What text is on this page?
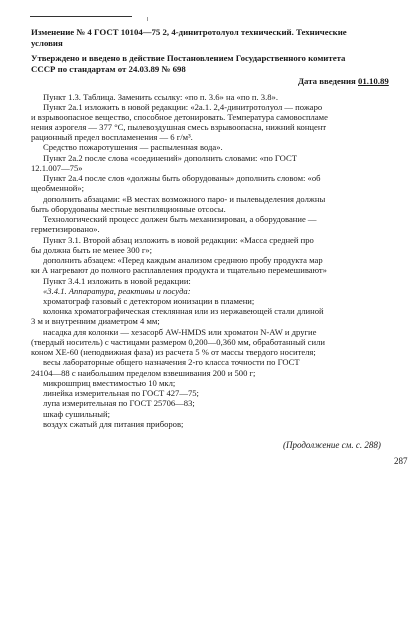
Изменение № 4 ГОСТ 10104—75 2, 4-динитротолуол технический. Технические
условия
Утверждено и введено в действие Постановлением Государственного комитета
СССР по стандартам от 24.03.89 № 698
Дата введения 01.10.89
Пункт 1.3. Таблица. Заменить ссылку: «по п. 3.6» на «по п. 3.8».
Пункт 2а.1 изложить в новой редакции: «2а.1. 2,4-динитротолуол — пожаро
и взрывоопасное вещество, способное детонировать. Температура самовоспламе
нения аэрогеля — 377 °С, пылевоздушная смесь взрывоопасна, нижний концент
рационный предел воспламенения — 6 г/м³.
Средство пожаротушения — распыленная вода».
Пункт 2а.2 после слова «соединений» дополнить словами: «по ГОСТ
12.1.007—75»
Пункт 2а.4 после слов «должны быть оборудованы» дополнить словом: «об
щеобменной»;
дополнить абзацами: «В местах возможного паро- и пылевыделения должны
быть оборудованы местные вентиляционные отсосы.
Технологический процесс должен быть механизирован, а оборудование —
герметизировано».
Пункт 3.1. Второй абзац изложить в новой редакции: «Масса средней про
бы должна быть не менее 300 г»;
дополнить абзацем: «Перед каждым анализом среднюю пробу продукта мар
ки А нагревают до полного расплавления продукта и тщательно перемешивают»
Пункт 3.4.1 изложить в новой редакции:
«3.4.1. Аппаратура, реактивы и посуда:
хроматограф газовый с детектором ионизации в пламени;
колонка хроматографическая стеклянная или из нержавеющей стали длиной
3 м и внутренним диаметром 4 мм;
насадка для колонки — хезасорб AW-HMDS или хроматон N-AW и другие
(твердый носитель) с частицами размером 0,200—0,360 мм, обработанный сили
коном XE-60 (неподвижная фаза) из расчета 5 % от массы твердого носителя;
весы лабораторные общего назначения 2-го класса точности по ГОСТ
24104—88 с наибольшим пределом взвешивания 200 и 500 г;
микрошприц вместимостью 10 мкл;
линейка измерительная по ГОСТ 427—75;
лупа измерительная по ГОСТ 25706—83;
шкаф сушильный;
воздух сжатый для питания приборов;
(Продолжение см. с. 288)
287
